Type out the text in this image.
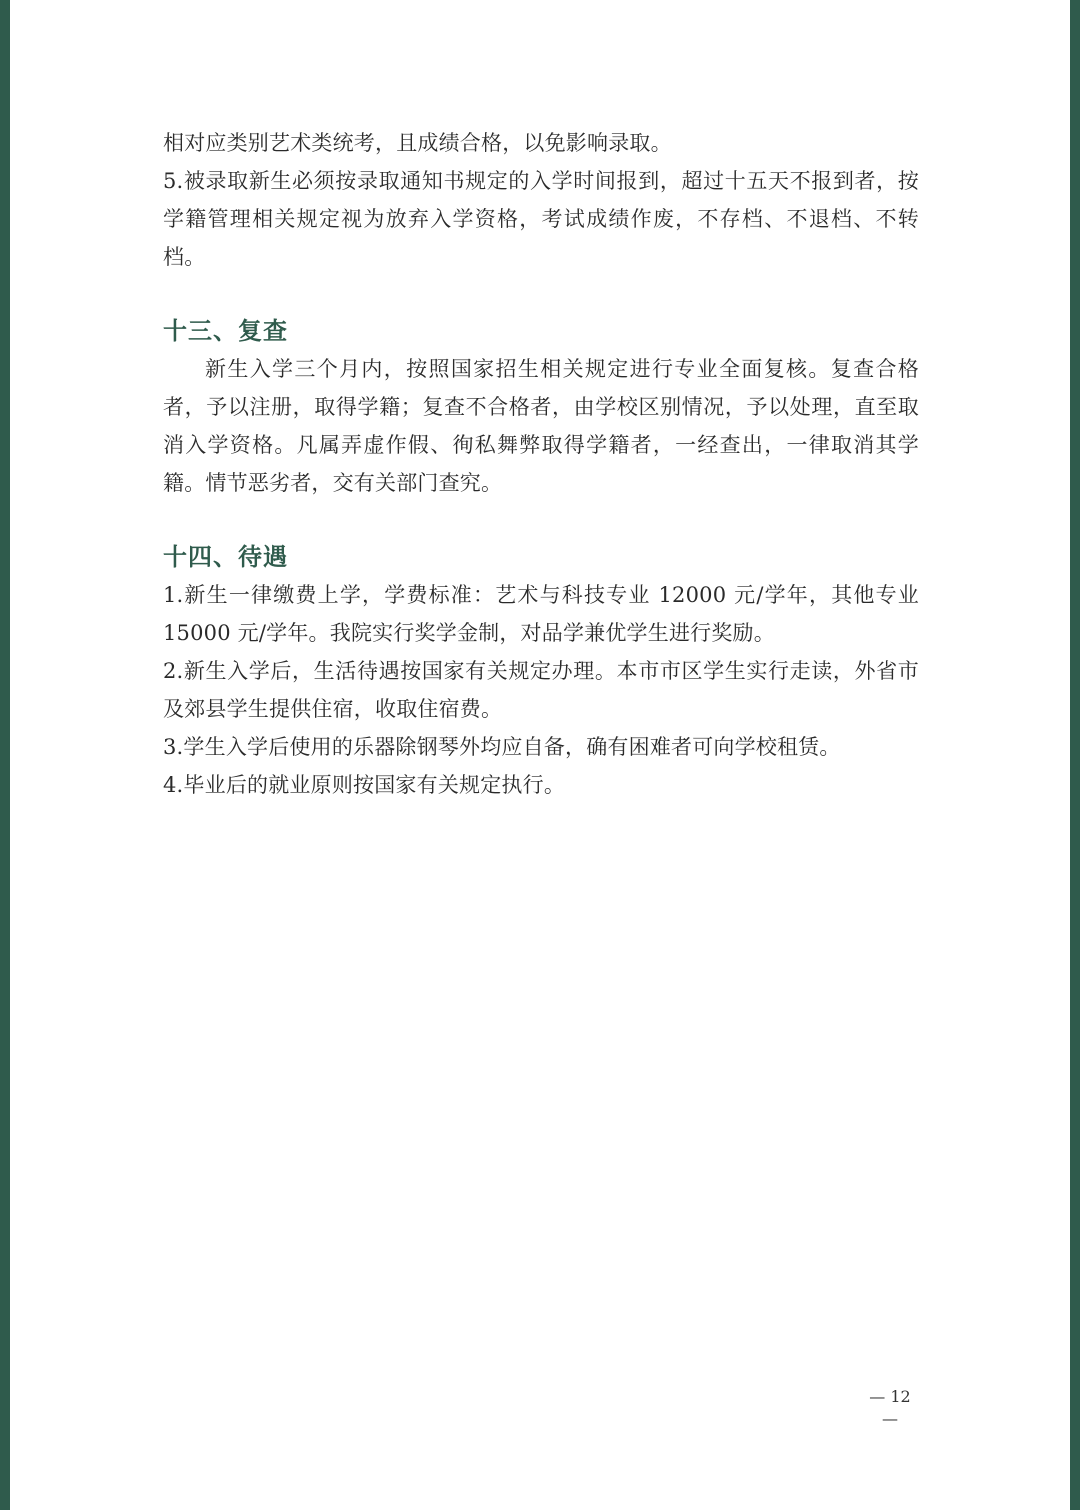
相对应类别艺术类统考，且成绩合格，以免影响录取。

5.被录取新生必须按录取通知书规定的入学时间报到，超过十五天不报到者，按学籍管理相关规定视为放弃入学资格，考试成绩作废，不存档、不退档、不转档。

十三、复查

新生入学三个月内，按照国家招生相关规定进行专业全面复核。复查合格者，予以注册，取得学籍；复查不合格者，由学校区别情况，予以处理，直至取消入学资格。凡属弄虚作假、徇私舞弊取得学籍者，一经查出，一律取消其学籍。情节恶劣者，交有关部门查究。

十四、待遇

1.新生一律缴费上学，学费标准：艺术与科技专业 12000 元/学年，其他专业 15000 元/学年。我院实行奖学金制，对品学兼优学生进行奖励。

2.新生入学后，生活待遇按国家有关规定办理。本市市区学生实行走读，外省市及郊县学生提供住宿，收取住宿费。

3.学生入学后使用的乐器除钢琴外均应自备，确有困难者可向学校租赁。

4.毕业后的就业原则按国家有关规定执行。

— 12 —
